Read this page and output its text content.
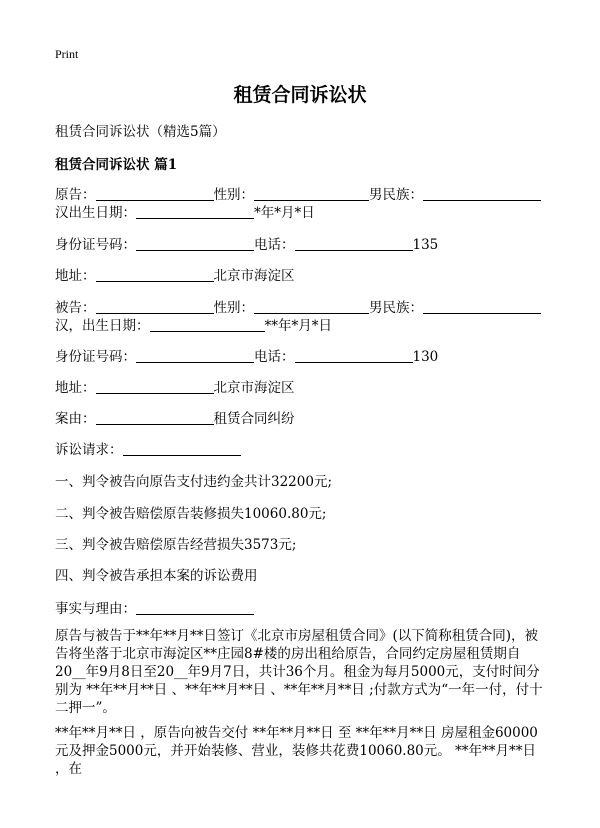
Print
租赁合同诉讼状
租赁合同诉讼状（精选5篇）
租赁合同诉讼状 篇1
原告：	性别：	男民族：
汉出生日期：	*年*月*日
身份证号码：	电话：	135
地址：	北京市海淀区
被告：	性别：	男民族：
汉，出生日期：	**年*月*日
身份证号码：	电话：	130
地址：	北京市海淀区
案由：	租赁合同纠纷
诉讼请求：
一、判令被告向原告支付违约金共计32200元;
二、判令被告赔偿原告装修损失10060.80元;
三、判令被告赔偿原告经营损失3573元;
四、判令被告承担本案的诉讼费用
事实与理由：
原告与被告于**年**月**日签订《北京市房屋租赁合同》(以下简称租赁合同)，被告将坐落于北京市海淀区**庄园8#楼的房出租给原告，合同约定房屋租赁期自20__年9月8日至20__年9月7日，共计36个月。租金为每月5000元，支付时间分别为 **年**月**日 、**年**月**日 、**年**月**日 ;付款方式为“一年一付，付十二押一”。
**年**月**日 ，原告向被告交付 **年**月**日 至 **年**月**日 房屋租金60000元及押金5000元，并开始装修、营业，装修共花费10060.80元。 **年**月**日 ，在
